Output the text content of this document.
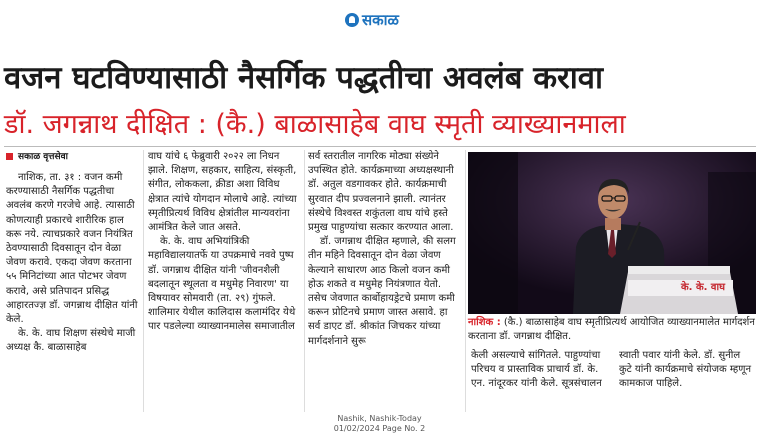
सकाळ
वजन घटविण्यासाठी नैसर्गिक पद्धतीचा अवलंब करावा
डॉ. जगन्नाथ दीक्षित : (कै.) बाळासाहेब वाघ स्मृती व्याख्यानमाला
सकाळ वृत्तसेवा

नाशिक, ता. ३१ : वजन कमी करण्यासाठी नैसर्गिक पद्धतीचा अवलंब करणे गरजेचे आहे. त्यासाठी कोणत्याही प्रकारचे शारीरिक हाल करू नये. त्याचप्रकारे वजन नियंत्रित ठेवण्यासाठी दिवसातून दोन वेळा जेवण करावे. एकदा जेवण करताना ५५ मिनिटांच्या आत पोटभर जेवण करावे, असे प्रतिपादन प्रसिद्ध आहारतज्ज्ञ डॉ. जगन्नाथ दीक्षित यांनी केले.

के. के. वाघ शिक्षण संस्थेचे माजी अध्यक्ष कै. बाळासाहेब

वाघ यांचे ६ फेब्रुवारी २०२२ ला निधन झाले. शिक्षण, सहकार, साहित्य, संस्कृती, संगीत, लोककला, क्रीडा अशा विविध क्षेत्रात त्यांचे योगदान मोलाचे आहे. त्यांच्या स्मृतीप्रित्यर्थ विविध क्षेत्रांतील मान्यवरांना आमंत्रित केले जात असते.

के. के. वाघ अभियांत्रिकी महाविद्यालयातर्फे या उपक्रमाचे नववे पुष्प डॉ. जगन्नाथ दीक्षित यांनी 'जीवनशैली बदलातून स्थूलता व मधुमेह निवारण' या विषयावर सोमवारी (ता. २९) गुंफले. शालिमार येथील कालिदास कलामंदिर येथे पार पडलेल्या व्याख्यानमालेस समाजातील

सर्व स्तरातील नागरिक मोठ्या संख्येने उपस्थित होते. कार्यक्रमाच्या अध्यक्षस्थानी डॉ. अतुल वडगावकर होते. कार्यक्रमाची सुरवात दीप प्रज्वलनाने झाली. त्यानंतर संस्थेचे विश्वस्त शकुंतला वाघ यांचे हस्ते प्रमुख पाहुण्यांचा सत्कार करण्यात आला.

डॉ. जगन्नाथ दीक्षित म्हणाले, की सलग तीन महिने दिवसातून दोन वेळा जेवण केल्याने साधारण आठ किलो वजन कमी होऊ शकते व मधुमेह नियंत्रणात येतो. तसेच जेवणात कार्बोहायड्रेटचे प्रमाण कमी करून प्रोटिनचे प्रमाण जास्त असावे. हा सर्व डाएट डॉ. श्रीकांत जिचकर यांच्या मार्गदर्शनाने सुरू

के. के. वाघ
नाशिक : (कै.) बाळासाहेब वाघ स्मृतीप्रित्यर्थ आयोजित व्याख्यानमालेत मार्गदर्शन करताना डॉ. जगन्नाथ दीक्षित.

केली असल्याचे सांगितले. पाहुण्यांचा परिचय व प्रास्ताविक प्राचार्य डॉ. के. एन. नांदूरकर यांनी केले. सूत्रसंचालन

स्वाती पवार यांनी केले. डॉ. सुनील कुटे यांनी कार्यक्रमाचे संयोजक म्हणून कामकाज पाहिले.

Nashik, Nashik-Today
01/02/2024 Page No. 2
